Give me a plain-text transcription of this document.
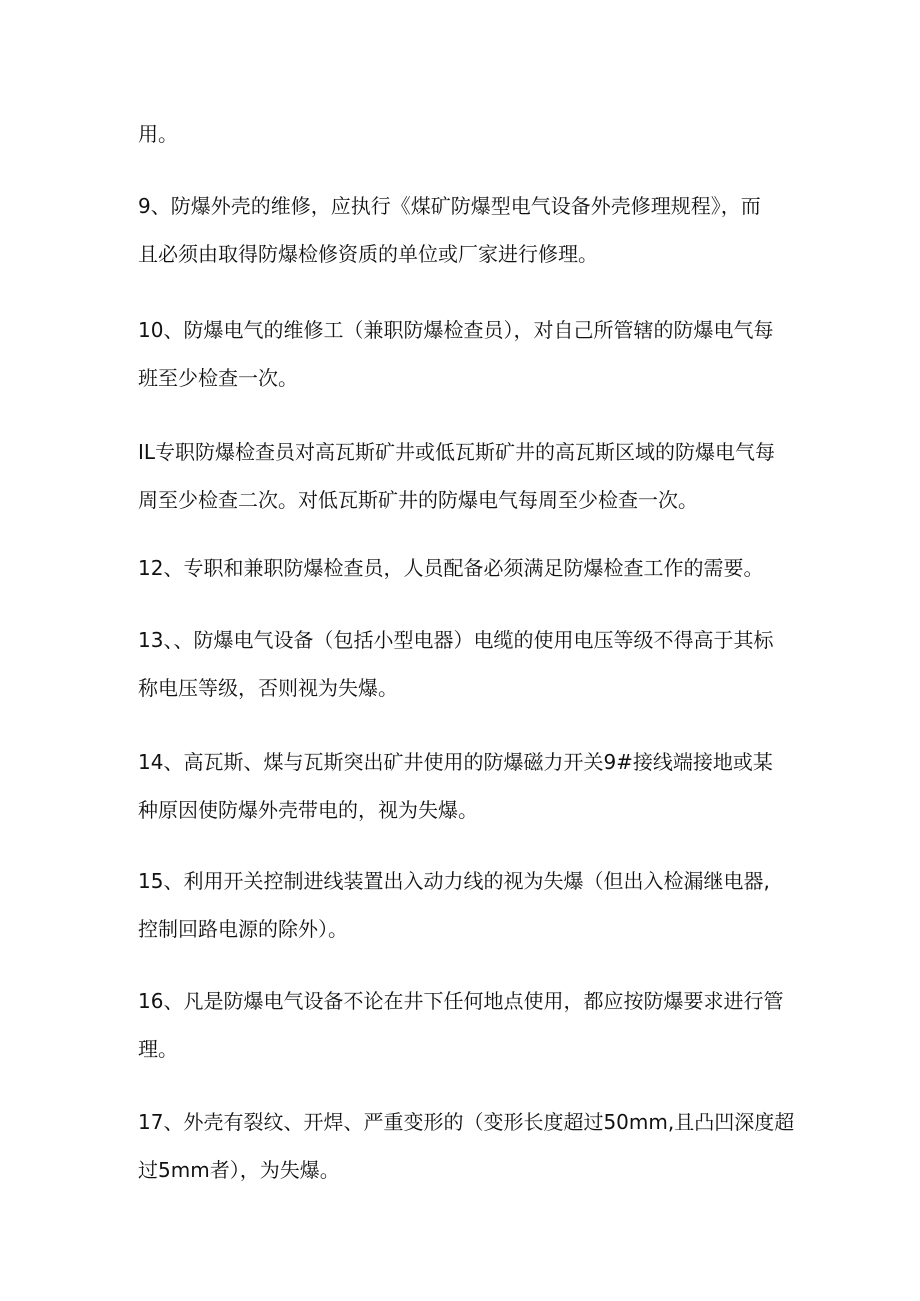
用。

9、防爆外壳的维修，应执行《煤矿防爆型电气设备外壳修理规程》，而
且必须由取得防爆检修资质的单位或厂家进行修理。

10、防爆电气的维修工（兼职防爆检查员），对自己所管辖的防爆电气每
班至少检查一次。

IL专职防爆检查员对高瓦斯矿井或低瓦斯矿井的高瓦斯区域的防爆电气每
周至少检查二次。对低瓦斯矿井的防爆电气每周至少检查一次。

12、专职和兼职防爆检查员，人员配备必须满足防爆检查工作的需要。

13、、防爆电气设备（包括小型电器）电缆的使用电压等级不得高于其标
称电压等级，否则视为失爆。

14、高瓦斯、煤与瓦斯突出矿井使用的防爆磁力开关9#接线端接地或某
种原因使防爆外壳带电的，视为失爆。

15、利用开关控制进线装置出入动力线的视为失爆（但出入检漏继电器,
控制回路电源的除外）。

16、凡是防爆电气设备不论在井下任何地点使用，都应按防爆要求进行管
理。

17、外壳有裂纹、开焊、严重变形的（变形长度超过50mm,且凸凹深度超
过5mm者），为失爆。
